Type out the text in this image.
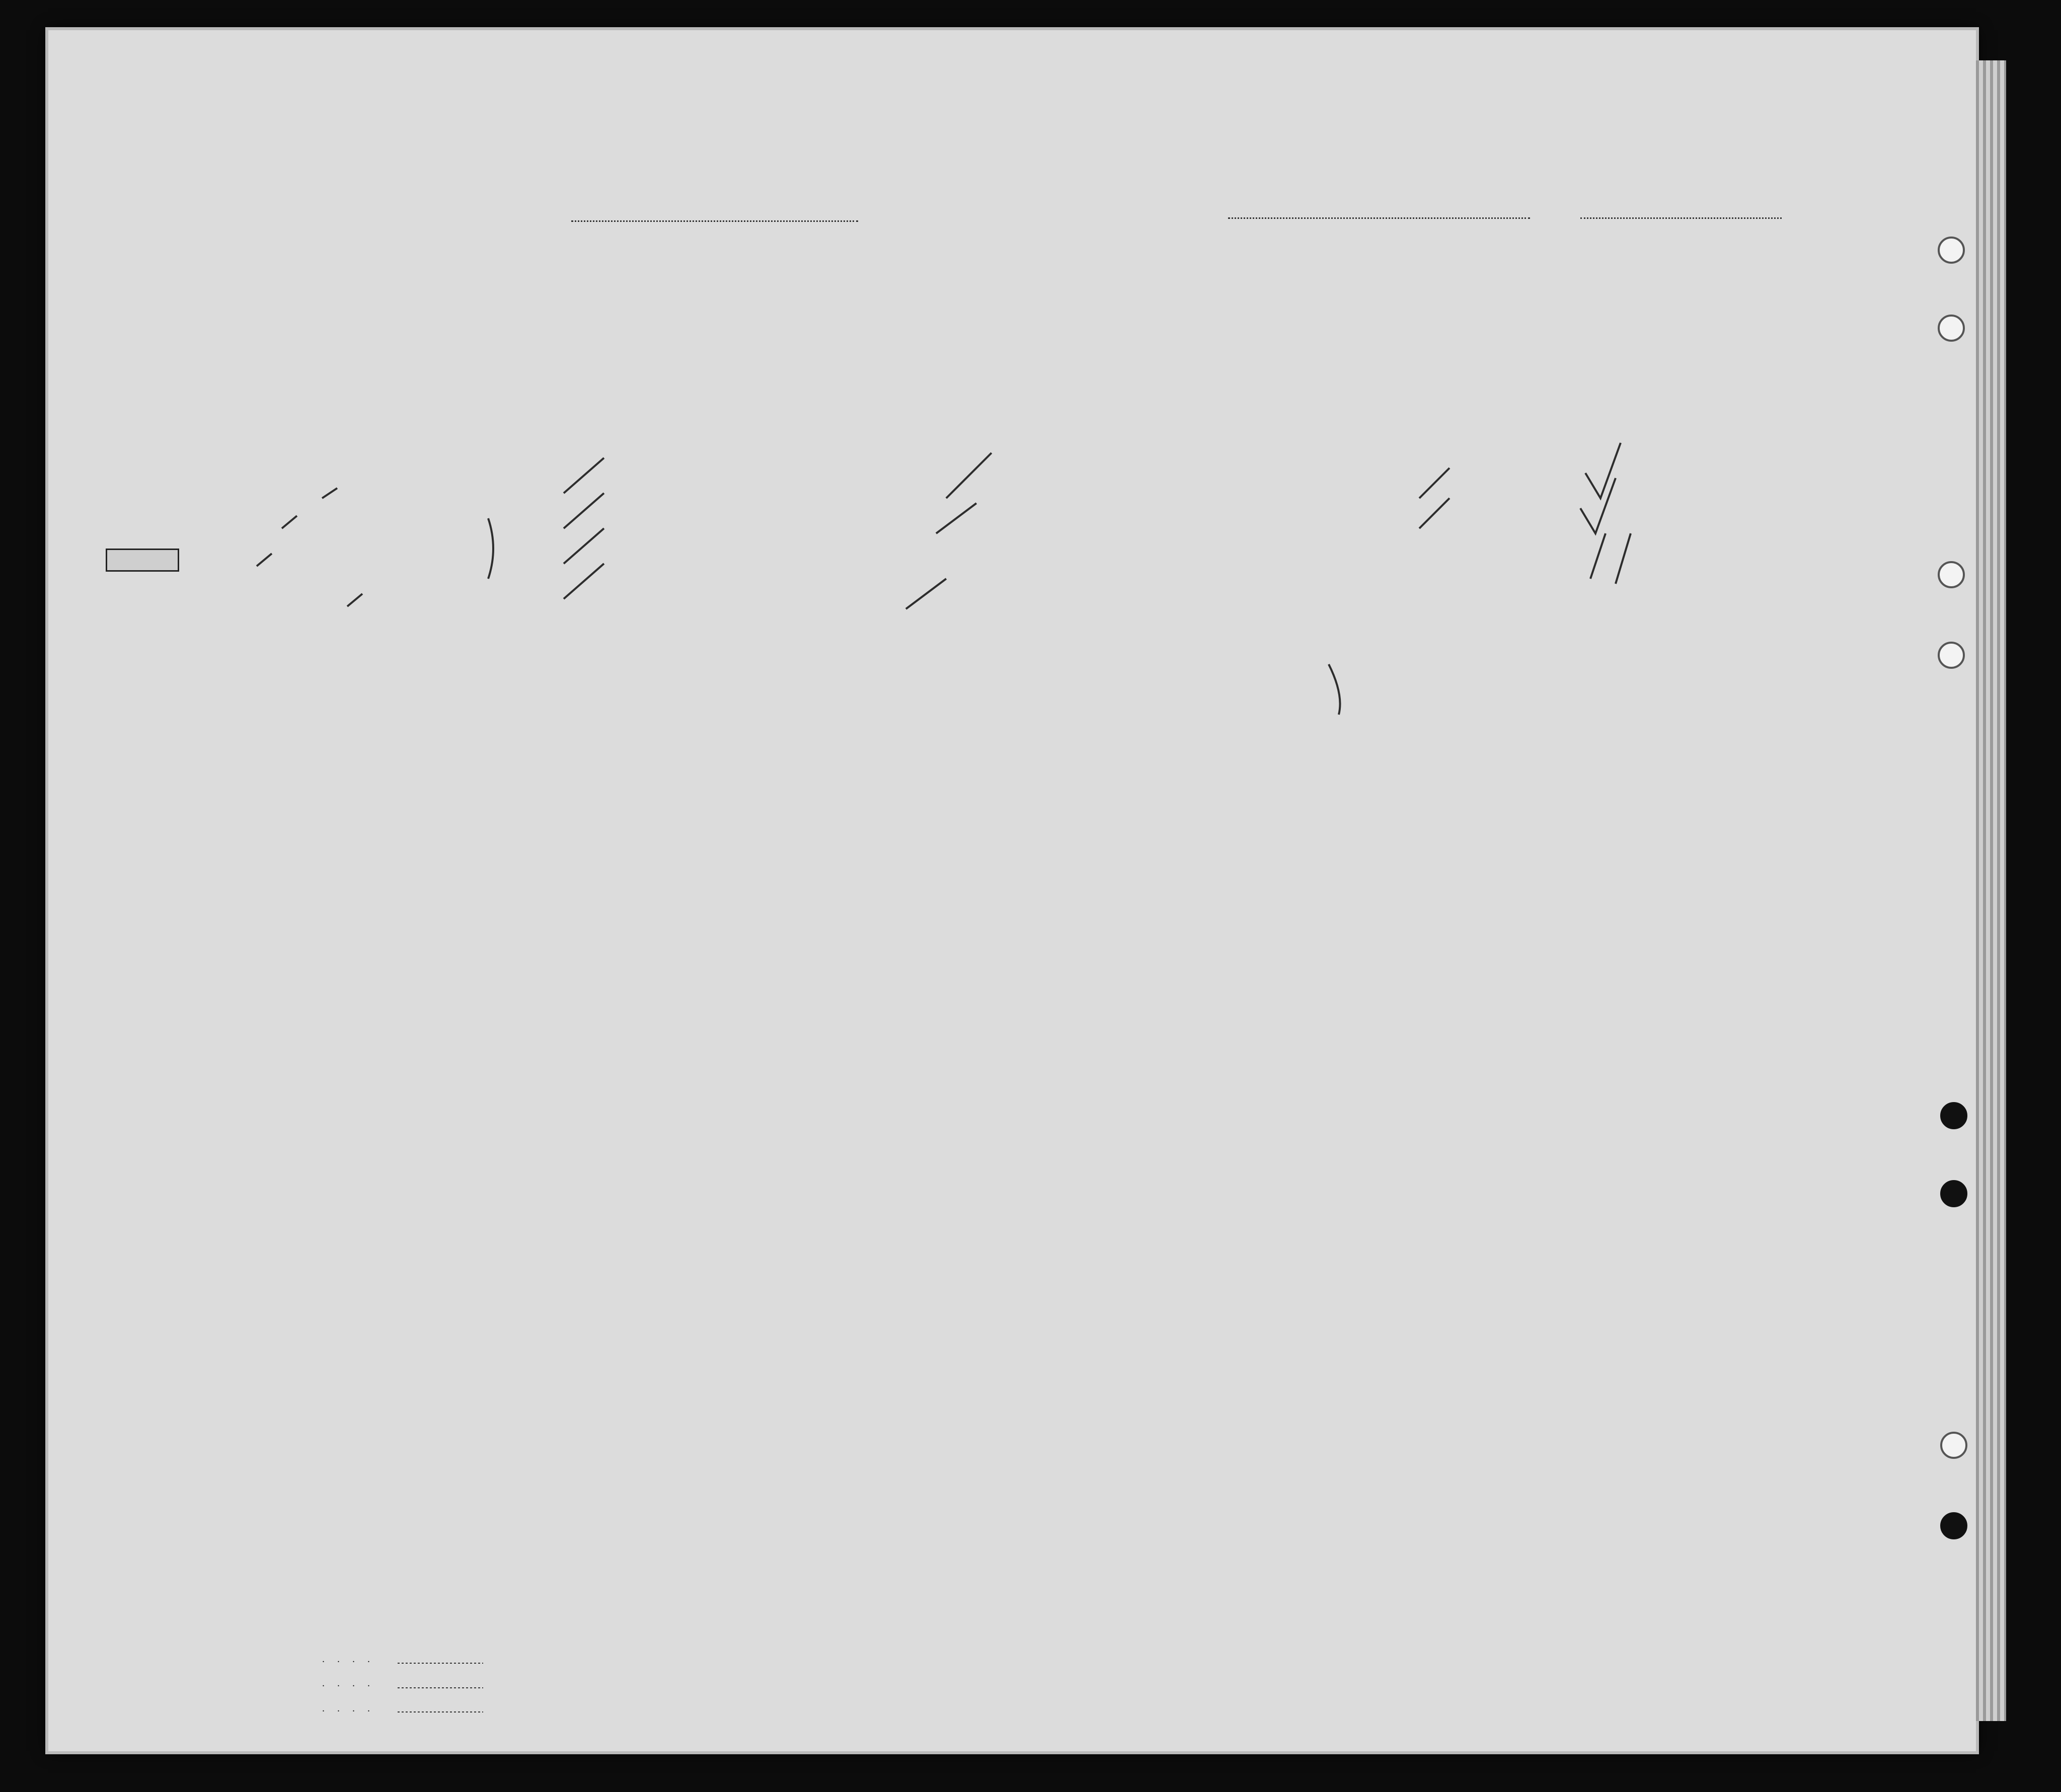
. . . .
. . . .
. . . .
